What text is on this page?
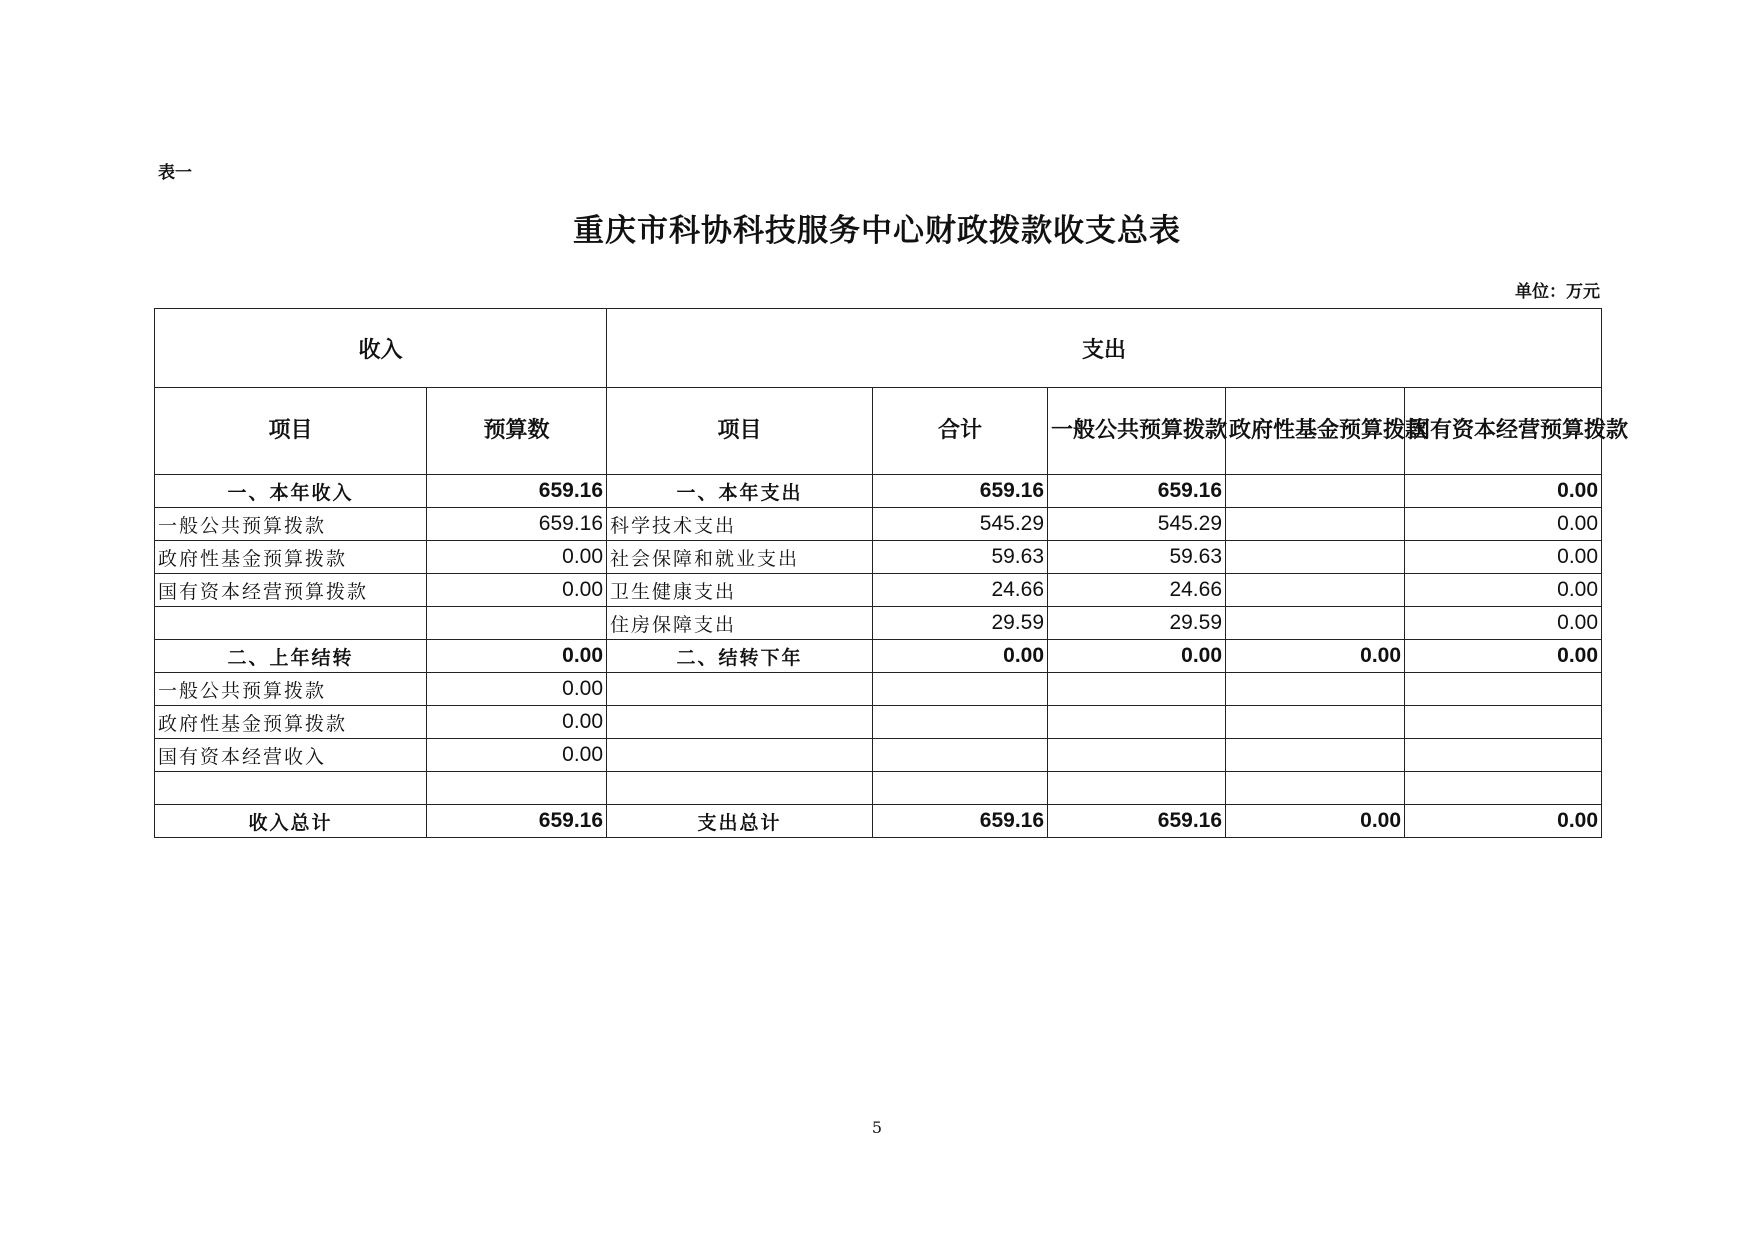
表一
重庆市科协科技服务中心财政拨款收支总表
单位：万元
收入		支出				
项目	预算数	项目	合计	一般公共预算拨款	政府性基金预算拨款	国有资本经营预算拨款
一、本年收入	659.16	一、本年支出	659.16	659.16		0.00
一般公共预算拨款	659.16	科学技术支出	545.29	545.29		0.00
政府性基金预算拨款	0.00	社会保障和就业支出	59.63	59.63		0.00
国有资本经营预算拨款	0.00	卫生健康支出	24.66	24.66		0.00
		住房保障支出	29.59	29.59		0.00
二、上年结转	0.00	二、结转下年	0.00	0.00	0.00	0.00
一般公共预算拨款	0.00					
政府性基金预算拨款	0.00					
国有资本经营收入	0.00					

收入总计	659.16	支出总计	659.16	659.16	0.00	0.00
5
